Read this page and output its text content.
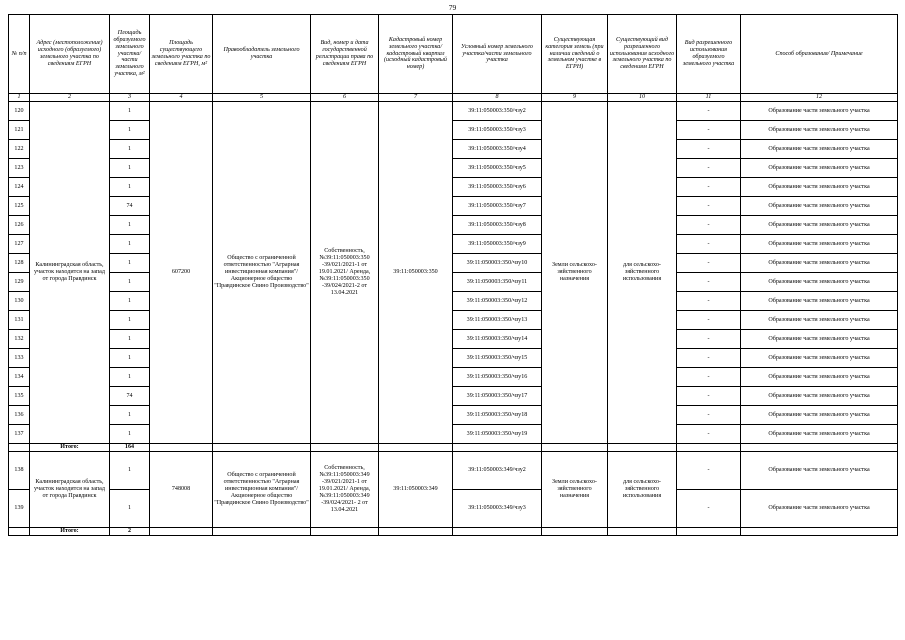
79
№ п/п	Адрес (местоположение) исходного (образуемого) земельного участка по сведениям ЕГРН	Площадь образуемого земельного участка/ части земельного участка, м²	Площадь существующего земельного участка по сведениям ЕГРН, м²	Правообладатель земельного участка	Вид, номер и дата государственной регистрации права по сведениям ЕГРН	Кадастровый номер земельного участка/ кадастровый квартал (исходный кадастровый номер)	Условный номер земельного участка/части земельного участка	Существующая категория земель (при наличии сведений о земельном участке в ЕГРН)	Существующий вид разрешенного использования исходного земельного участка по сведениям ЕГРН	Вид разрешенного использования образуемого земельного участка	Способ образования/ Примечание
1	2	3	4	5	6	7	8	9	10	11	12
120	Калининградская область, участок находится на запад от города Правдинск	1	607200	Общество с ограниченной ответственностью "Аграрная инвестиционная компания"/ Акционерное общество "Правдинское Свино Производство"	Собственность, №39:11:050003:350 -39/021/2021-1 от 19.01.2021/ Аренда, №39:11:050003:350 -39/024/2021-2 от 13.04.2021	39:11:050003:350	39:11:050003:350/чзу2	Земли сельскохо-зяйственного назначения	для сельскохо-зяйственного использования	-	Образование части земельного участка
121		1					39:11:050003:350/чзу3			-	Образование части земельного участка
122		1					39:11:050003:350/чзу4			-	Образование части земельного участка
123		1					39:11:050003:350/чзу5			-	Образование части земельного участка
124		1					39:11:050003:350/чзу6			-	Образование части земельного участка
125		74					39:11:050003:350/чзу7			-	Образование части земельного участка
126		1					39:11:050003:350/чзу8			-	Образование части земельного участка
127		1					39:11:050003:350/чзу9			-	Образование части земельного участка
128		1					39:11:050003:350/чзу10			-	Образование части земельного участка
129		1					39:11:050003:350/чзу11			-	Образование части земельного участка
130		1					39:11:050003:350/чзу12			-	Образование части земельного участка
131		1					39:11:050003:350/чзу13			-	Образование части земельного участка
132		1					39:11:050003:350/чзу14			-	Образование части земельного участка
133		1					39:11:050003:350/чзу15			-	Образование части земельного участка
134		1					39:11:050003:350/чзу16			-	Образование части земельного участка
135		74					39:11:050003:350/чзу17			-	Образование части земельного участка
136		1					39:11:050003:350/чзу18			-	Образование части земельного участка
137		1					39:11:050003:350/чзу19			-	Образование части земельного участка
	Итого:	164									
138	Калининградская область, участок находится на запад от города Правдинск	1	748008	Общество с ограниченной ответственностью "Аграрная инвестиционная компания"/ Акционерное общество "Правдинское Свино Производство"	Собственность, №39:11:050003:349 -39/021/2021-1 от 19.01.2021/ Аренда, №39:11:050003:349 -39/024/2021- 2 от 13.04.2021	39:11:050003:349	39:11:050003:349/чзу2	Земли сельскохо-зяйственного назначения	для сельскохо-зяйственного использования	-	Образование части земельного участка
139		1					39:11:050003:349/чзу3			-	Образование части земельного участка
	Итого:	2									
